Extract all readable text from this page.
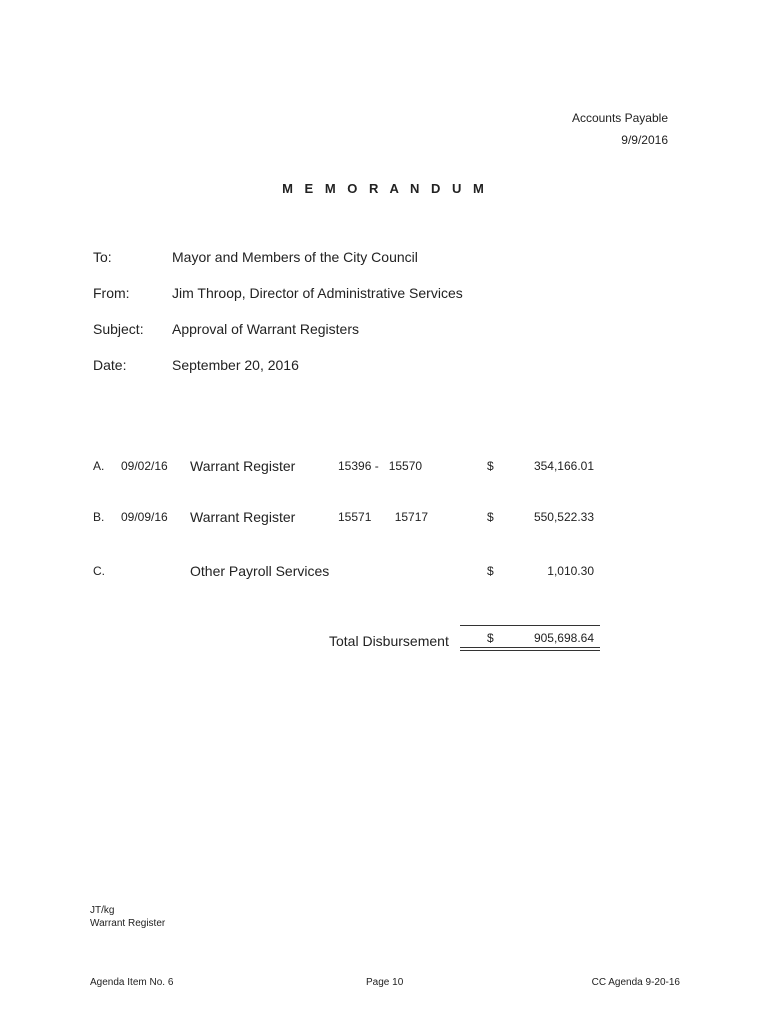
Accounts Payable
9/9/2016
M E M O R A N D U M
To:	Mayor and Members of the City Council
From:	Jim Throop, Director of Administrative Services
Subject: Approval of Warrant Registers
Date:	September 20, 2016
A. 09/02/16 Warrant Register	15396 -   15570	$	354,166.01
B. 09/09/16 Warrant Register	15571       15717	$	550,522.33
C.	Other Payroll Services	$	1,010.30
Total Disbursement	$	905,698.64
JT/kg
Warrant Register
Agenda Item No. 6	Page 10	CC Agenda 9-20-16
